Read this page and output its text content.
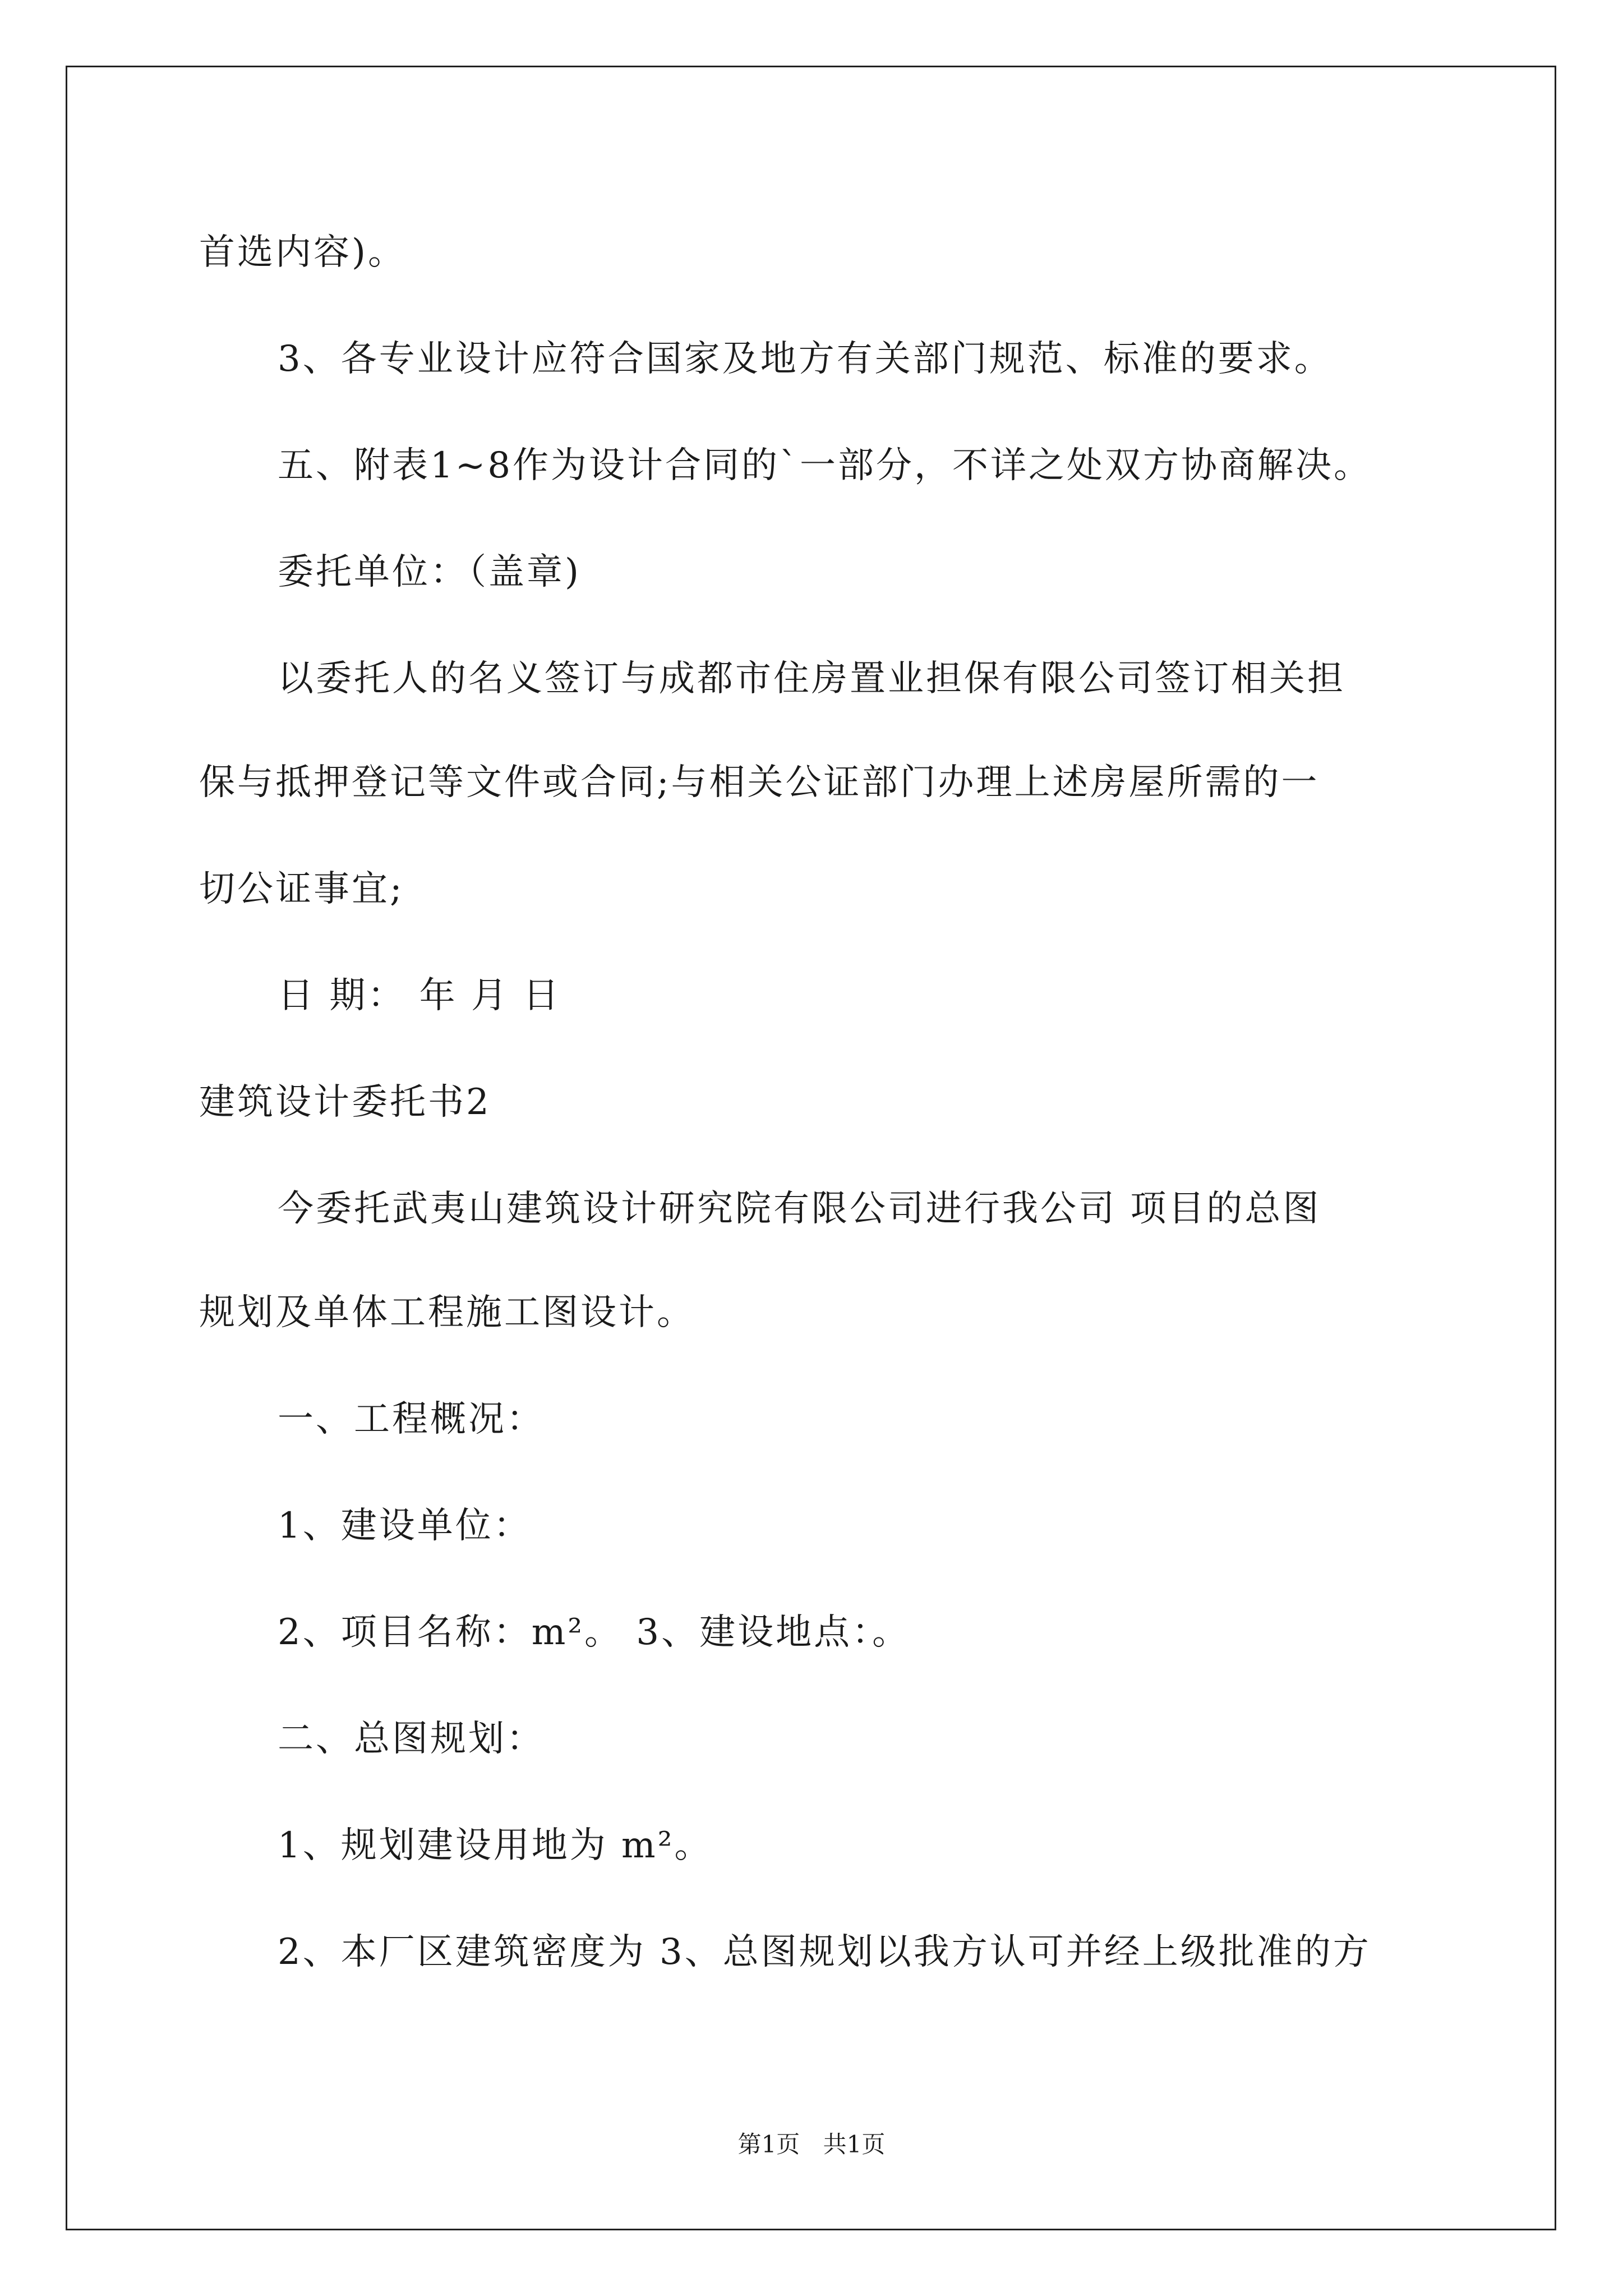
首选内容)。

3、各专业设计应符合国家及地方有关部门规范、标准的要求。

五、附表1~8作为设计合同的`一部分，不详之处双方协商解决。

委托单位：（盖章)

以委托人的名义签订与成都市住房置业担保有限公司签订相关担

保与抵押登记等文件或合同;与相关公证部门办理上述房屋所需的一

切公证事宜;

日 期： 年 月 日

建筑设计委托书2

今委托武夷山建筑设计研究院有限公司进行我公司 项目的总图

规划及单体工程施工图设计。

一、工程概况：

1、建设单位：

2、项目名称：m²。 3、建设地点：。

二、总图规划：

1、规划建设用地为 m²。

2、本厂区建筑密度为 3、总图规划以我方认可并经上级批准的方

第1页 共1页
